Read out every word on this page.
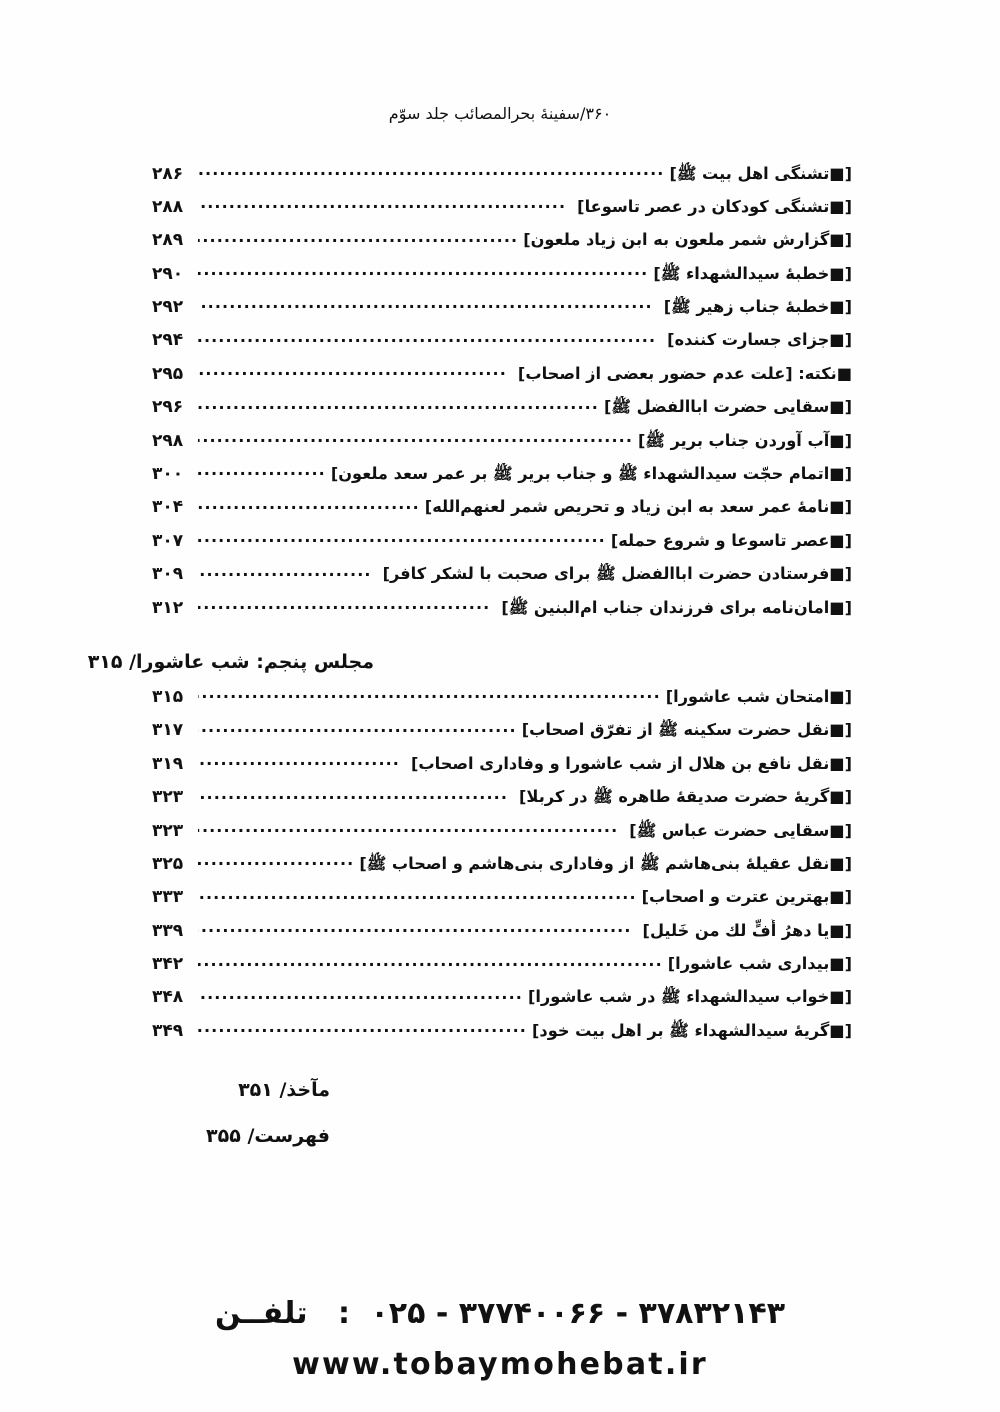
۳۶۰/سفینهٔ بحرالمصائب جلد سوّم
[■تشنگی اهل بیت ﷺ]
.....
۲۸۶
[■تشنگی کودکان در عصر تاسوعا]
.....
۲۸۸
[■گزارش شمر ملعون به ابن زیاد ملعون]
.....
۲۸۹
[■خطبهٔ سیدالشهداء ﷺ]
.....
۲۹۰
[■خطبهٔ جناب زهیر ﷺ]
.....
۲۹۲
[■جزای جسارت کننده]
.....
۲۹۴
■نکته: [علت عدم حضور بعضی از اصحاب]
.....
۲۹۵
[■سقایی حضرت اباالفضل ﷺ]
.....
۲۹۶
[■آب آوردن جناب بریر ﷺ]
.....
۲۹۸
[■اتمام حجّت سیدالشهداء ﷺ و جناب بریر ﷺ بر عمر سعد ملعون]
.....
۳۰۰
[■نامهٔ عمر سعد به ابن زیاد و تحریص شمر لعنهم‌الله]
.....
۳۰۴
[■عصر تاسوعا و شروع حمله]
.....
۳۰۷
[■فرستادن حضرت اباالفضل ﷺ برای صحبت با لشکر کافر]
.....
۳۰۹
[■امان‌نامه برای فرزندان جناب ام‌البنین ﷺ]
.....
۳۱۲
مجلس پنجم: شب عاشورا/ ۳۱۵
[■امتحان شب عاشورا]
.....
۳۱۵
[■نقل حضرت سکینه ﷺ از تفرّق اصحاب]
.....
۳۱۷
[■نقل نافع بن هلال از شب عاشورا و وفاداری اصحاب]
.....
۳۱۹
[■گریهٔ حضرت صدیقهٔ طاهره ﷺ در کربلا]
.....
۳۲۳
[■سقایی حضرت عباس ﷺ]
.....
۳۲۳
[■نقل عقیلهٔ بنی‌هاشم ﷺ از وفاداری بنی‌هاشم و اصحاب ﷺ]
.....
۳۲۵
[■بهترین عترت و اصحاب]
.....
۳۳۳
[■یا دهرُ أُفٍّ لك من خَلیل]
.....
۳۳۹
[■بیداری شب عاشورا]
.....
۳۴۲
[■خواب سیدالشهداء ﷺ در شب عاشورا]
.....
۳۴۸
[■گریهٔ سیدالشهداء ﷺ بر اهل بیت خود]
.....
۳۴۹
مآخذ/ ۳۵۱
فهرست/ ۳۵۵
۰۲۵ - ۳۷۷۴۰۰۶۶ - ۳۷۸۳۲۱۴۳ : تلفــن
www.tobaymohebat.ir
